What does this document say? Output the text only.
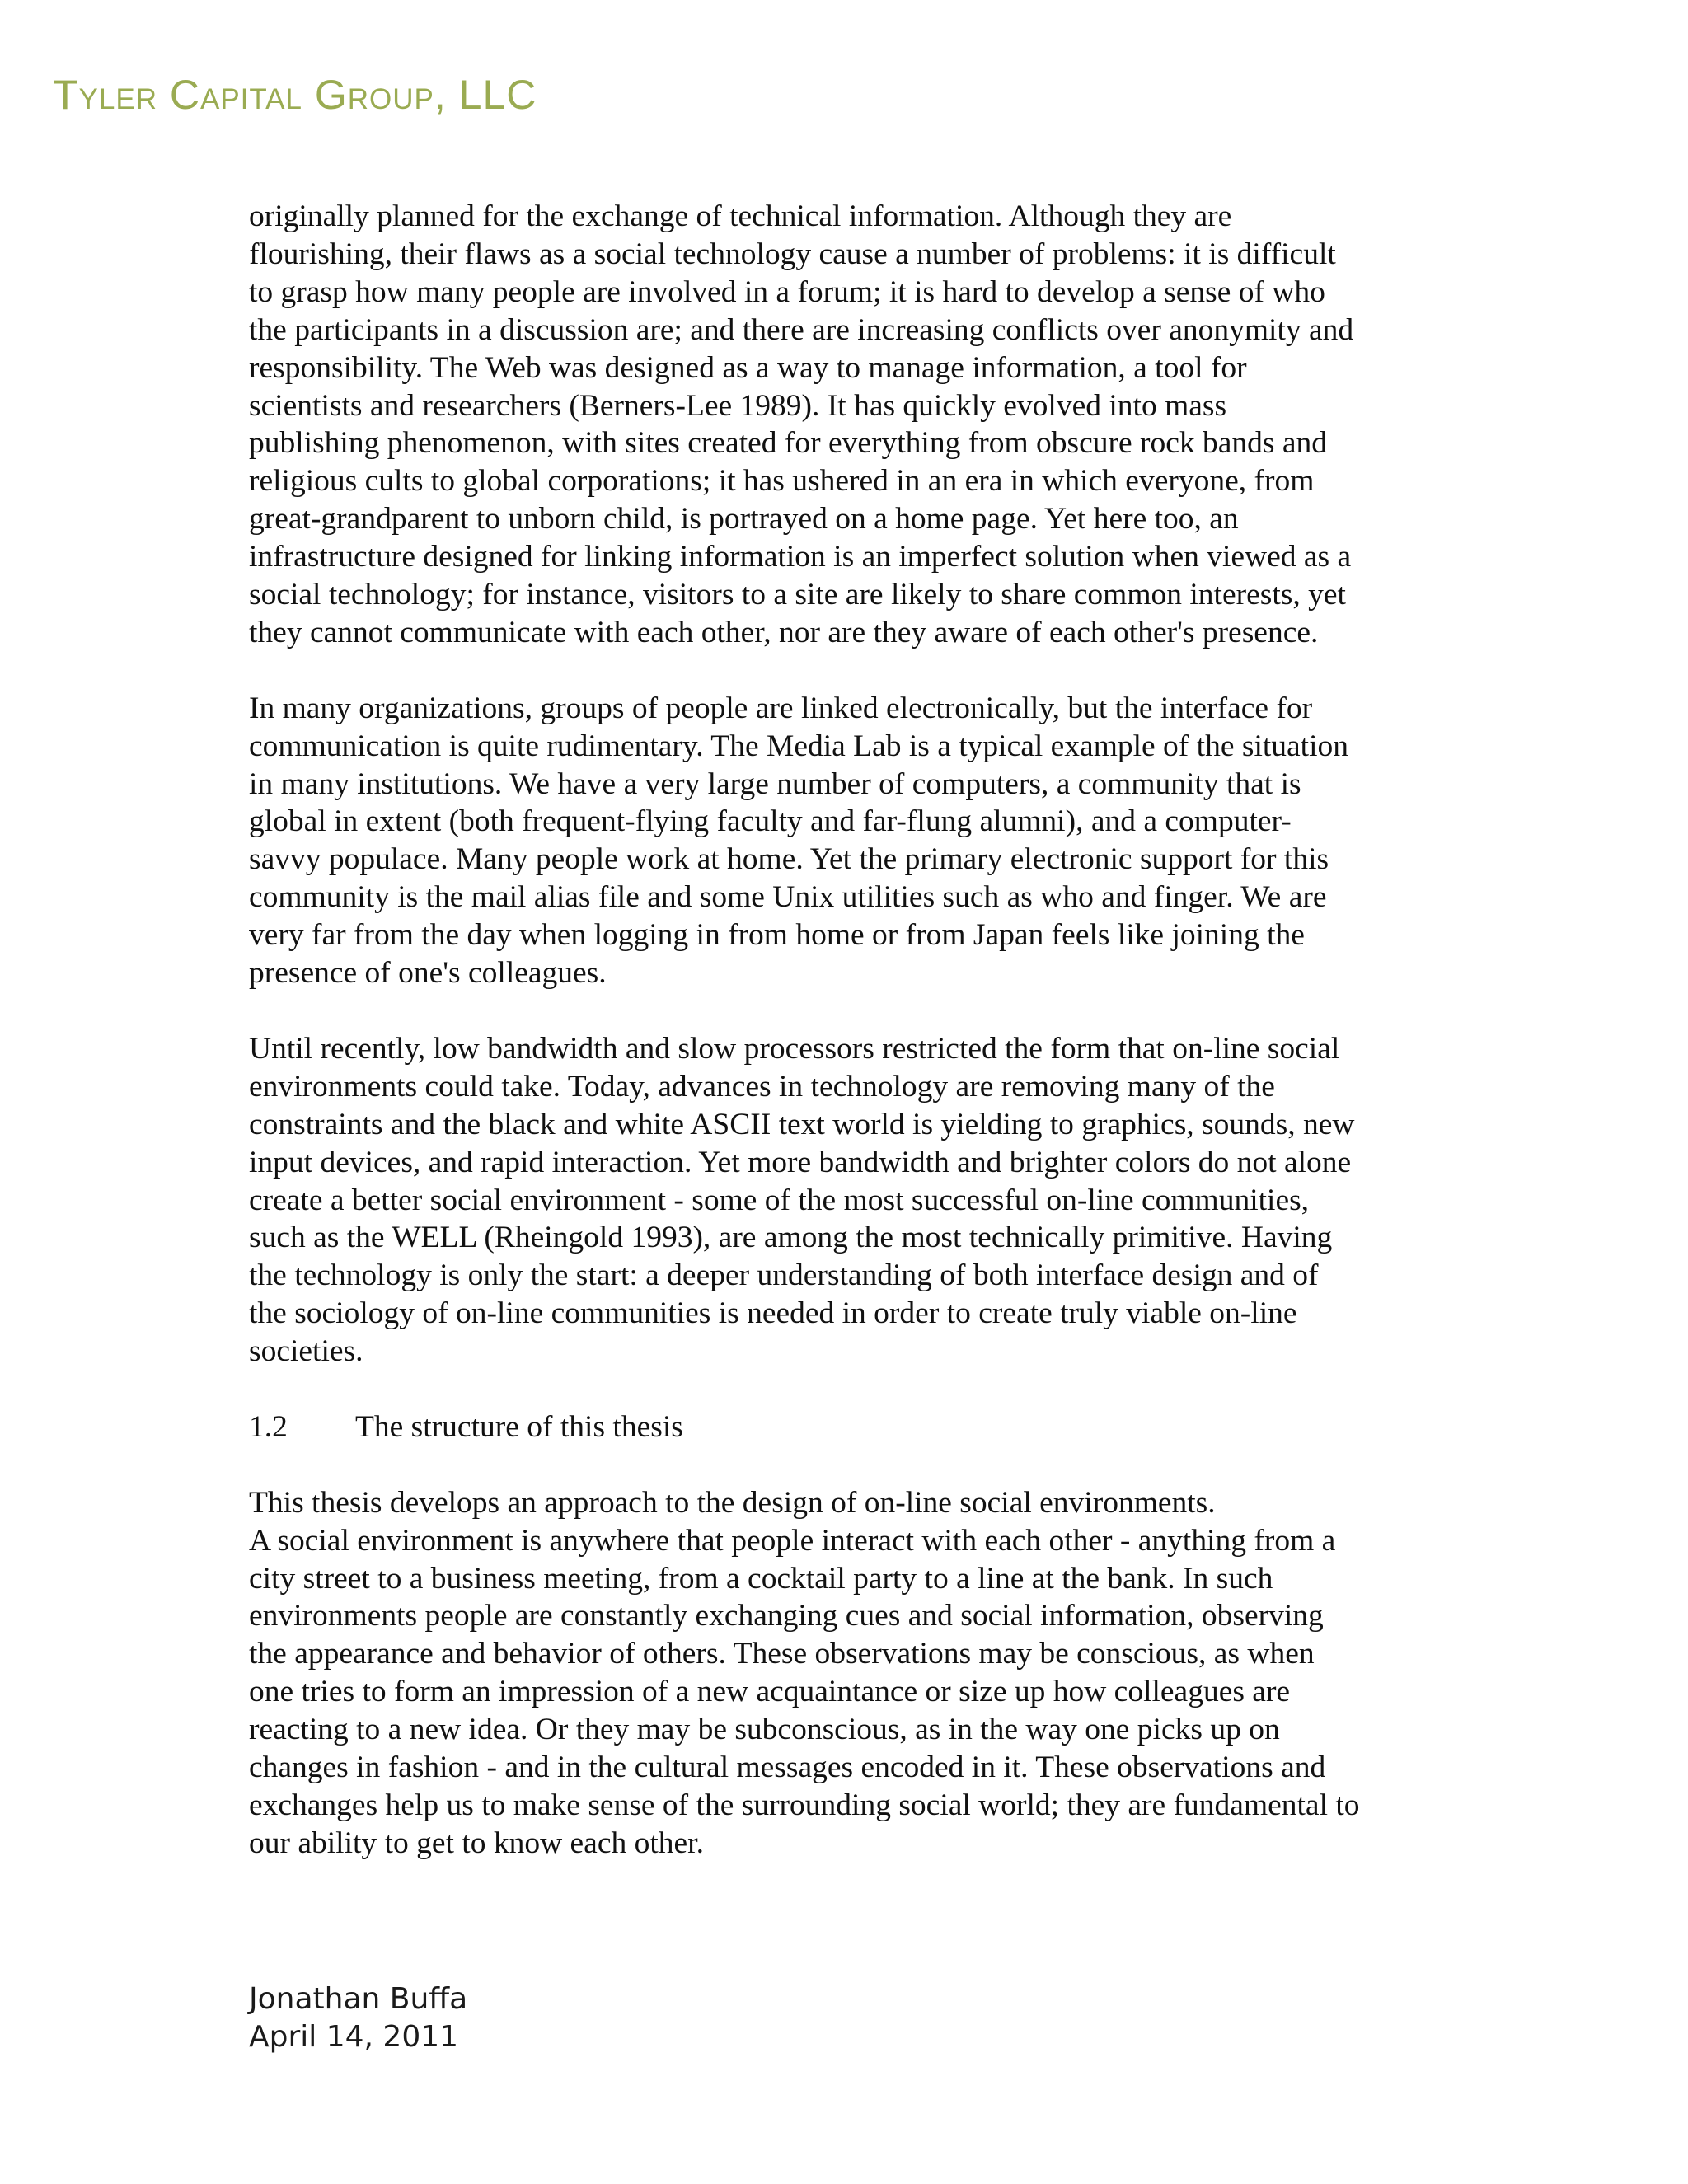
Tyler Capital Group, LLC
originally planned for the exchange of technical information. Although they are
flourishing, their flaws as a social technology cause a number of problems: it is difficult
to grasp how many people are involved in a forum; it is hard to develop a sense of who
the participants in a discussion are; and there are increasing conflicts over anonymity and
responsibility. The Web was designed as a way to manage information, a tool for
scientists and researchers (Berners-Lee 1989). It has quickly evolved into mass
publishing phenomenon, with sites created for everything from obscure rock bands and
religious cults to global corporations; it has ushered in an era in which everyone, from
great-grandparent to unborn child, is portrayed on a home page. Yet here too, an
infrastructure designed for linking information is an imperfect solution when viewed as a
social technology; for instance, visitors to a site are likely to share common interests, yet
they cannot communicate with each other, nor are they aware of each other's presence.
In many organizations, groups of people are linked electronically, but the interface for
communication is quite rudimentary. The Media Lab is a typical example of the situation
in many institutions. We have a very large number of computers, a community that is
global in extent (both frequent-flying faculty and far-flung alumni), and a computer-
savvy populace. Many people work at home. Yet the primary electronic support for this
community is the mail alias file and some Unix utilities such as who and finger. We are
very far from the day when logging in from home or from Japan feels like joining the
presence of one's colleagues.
Until recently, low bandwidth and slow processors restricted the form that on-line social
environments could take. Today, advances in technology are removing many of the
constraints and the black and white ASCII text world is yielding to graphics, sounds, new
input devices, and rapid interaction. Yet more bandwidth and brighter colors do not alone
create a better social environment - some of the most successful on-line communities,
such as the WELL (Rheingold 1993), are among the most technically primitive. Having
the technology is only the start: a deeper understanding of both interface design and of
the sociology of on-line communities is needed in order to create truly viable on-line
societies.
1.2 The structure of this thesis
This thesis develops an approach to the design of on-line social environments.
A social environment is anywhere that people interact with each other - anything from a
city street to a business meeting, from a cocktail party to a line at the bank. In such
environments people are constantly exchanging cues and social information, observing
the appearance and behavior of others. These observations may be conscious, as when
one tries to form an impression of a new acquaintance or size up how colleagues are
reacting to a new idea. Or they may be subconscious, as in the way one picks up on
changes in fashion - and in the cultural messages encoded in it. These observations and
exchanges help us to make sense of the surrounding social world; they are fundamental to
our ability to get to know each other.
Jonathan Buffa
April 14, 2011
